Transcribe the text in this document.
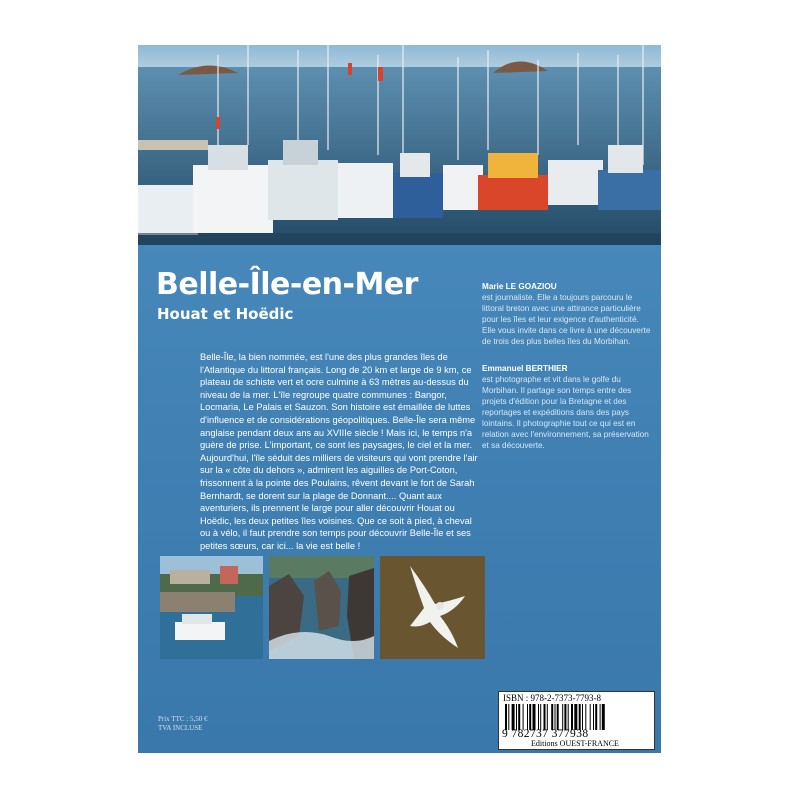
Belle-Île-en-Mer
Houat et Hoëdic

Belle-Île, la bien nommée, est l'une des plus grandes îles de l'Atlantique du littoral français. Long de 20 km et large de 9 km, ce plateau de schiste vert et ocre culmine à 63 mètres au-dessus du niveau de la mer. L'île regroupe quatre communes : Bangor, Locmaria, Le Palais et Sauzon. Son histoire est émaillée de luttes d'influence et de considérations géopolitiques. Belle-Île sera même anglaise pendant deux ans au XVIIIe siècle ! Mais ici, le temps n'a guère de prise. L'important, ce sont les paysages, le ciel et la mer. Aujourd'hui, l'île séduit des milliers de visiteurs qui vont prendre l'air sur la « côte du dehors », admirent les aiguilles de Port-Coton, frissonnent à la pointe des Poulains, rêvent devant le fort de Sarah Bernhardt, se dorent sur la plage de Donnant.... Quant aux aventuriers, ils prennent le large pour aller découvrir Houat ou Hoëdic, les deux petites îles voisines. Que ce soit à pied, à cheval ou à vélo, il faut prendre son temps pour découvrir Belle-Île et ses petites sœurs, car ici... la vie est belle !

Marie LE GOAZIOU
est journaliste. Elle a toujours parcouru le littoral breton avec une attirance particulière pour les îles et leur exigence d'authenticité. Elle vous invite dans ce livre à une découverte de trois des plus belles îles du Morbihan.

Emmanuel BERTHIER
est photographe et vit dans le golfe du Morbihan. Il partage son temps entre des projets d'édition pour la Bretagne et des reportages et expéditions dans des pays lointains. Il photographie tout ce qui est en relation avec l'environnement, sa préservation et sa découverte.

Prix TTC : 5,50 €
TVA INCLUSE
ISBN : 978-2-7373-7793-8
9 782737 377938
Editions OUEST-FRANCE
